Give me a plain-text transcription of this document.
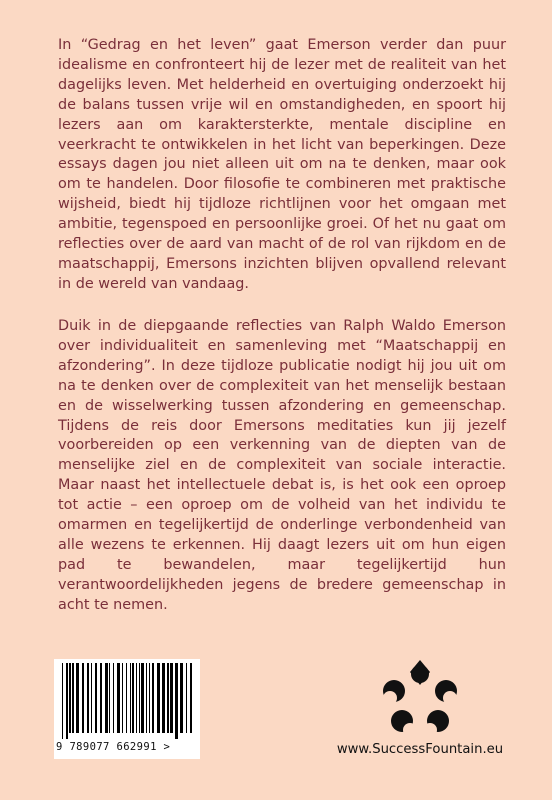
In “Gedrag en het leven” gaat Emerson verder dan puur idealisme en confronteert hij de lezer met de realiteit van het dagelijks leven. Met helderheid en overtuiging onderzoekt hij de balans tussen vrije wil en omstandigheden, en spoort hij lezers aan om karaktersterkte, mentale discipline en veerkracht te ontwikkelen in het licht van beperkingen. Deze essays dagen jou niet alleen uit om na te denken, maar ook om te handelen. Door filosofie te combineren met praktische wijsheid, biedt hij tijdloze richtlijnen voor het omgaan met ambitie, tegenspoed en persoonlijke groei. Of het nu gaat om reflecties over de aard van macht of de rol van rijkdom en de maatschappij, Emersons inzichten blijven opvallend relevant in de wereld van vandaag.

Duik in de diepgaande reflecties van Ralph Waldo Emerson over individualiteit en samenleving met “Maatschappij en afzondering”. In deze tijdloze publicatie nodigt hij jou uit om na te denken over de complexiteit van het menselijk bestaan en de wisselwerking tussen afzondering en gemeenschap. Tijdens de reis door Emersons meditaties kun jij jezelf voorbereiden op een verkenning van de diepten van de menselijke ziel en de complexiteit van sociale interactie. Maar naast het intellectuele debat is, is het ook een oproep tot actie – een oproep om de volheid van het individu te omarmen en tegelijkertijd de onderlinge verbondenheid van alle wezens te erkennen. Hij daagt lezers uit om hun eigen pad te bewandelen, maar tegelijkertijd hun verantwoordelijkheden jegens de bredere gemeenschap in acht te nemen.

9 789077 662991 >	www.SuccessFountain.eu
